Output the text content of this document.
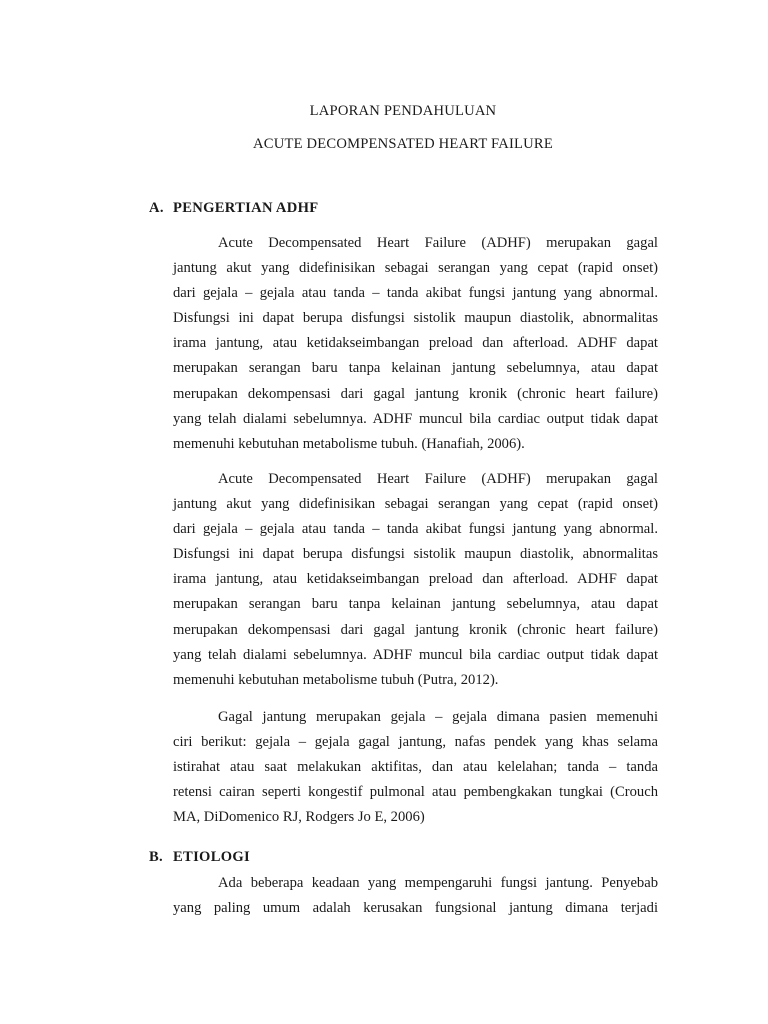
LAPORAN PENDAHULUAN
ACUTE DECOMPENSATED HEART FAILURE
A. PENGERTIAN ADHF
Acute Decompensated Heart Failure (ADHF) merupakan gagal
jantung akut yang didefinisikan sebagai serangan yang cepat (rapid onset)
dari gejala – gejala atau tanda – tanda akibat fungsi jantung yang abnormal.
Disfungsi ini dapat berupa disfungsi sistolik maupun diastolik, abnormalitas
irama jantung, atau ketidakseimbangan preload dan afterload. ADHF dapat
merupakan serangan baru tanpa kelainan jantung sebelumnya, atau dapat
merupakan dekompensasi dari gagal jantung kronik (chronic heart failure)
yang telah dialami sebelumnya. ADHF muncul bila cardiac output tidak dapat
memenuhi kebutuhan metabolisme tubuh. (Hanafiah, 2006).
Acute Decompensated Heart Failure (ADHF) merupakan gagal
jantung akut yang didefinisikan sebagai serangan yang cepat (rapid onset)
dari gejala – gejala atau tanda – tanda akibat fungsi jantung yang abnormal.
Disfungsi ini dapat berupa disfungsi sistolik maupun diastolik, abnormalitas
irama jantung, atau ketidakseimbangan preload dan afterload. ADHF dapat
merupakan serangan baru tanpa kelainan jantung sebelumnya, atau dapat
merupakan dekompensasi dari gagal jantung kronik (chronic heart failure)
yang telah dialami sebelumnya. ADHF muncul bila cardiac output tidak dapat
memenuhi kebutuhan metabolisme tubuh (Putra, 2012).
Gagal jantung merupakan gejala – gejala dimana pasien memenuhi
ciri berikut: gejala – gejala gagal jantung, nafas pendek yang khas selama
istirahat atau saat melakukan aktifitas, dan atau kelelahan; tanda – tanda
retensi cairan seperti kongestif pulmonal atau pembengkakan tungkai (Crouch
MA, DiDomenico RJ, Rodgers Jo E, 2006)
B. ETIOLOGI
Ada beberapa keadaan yang mempengaruhi fungsi jantung. Penyebab
yang paling umum adalah kerusakan fungsional jantung dimana terjadi
